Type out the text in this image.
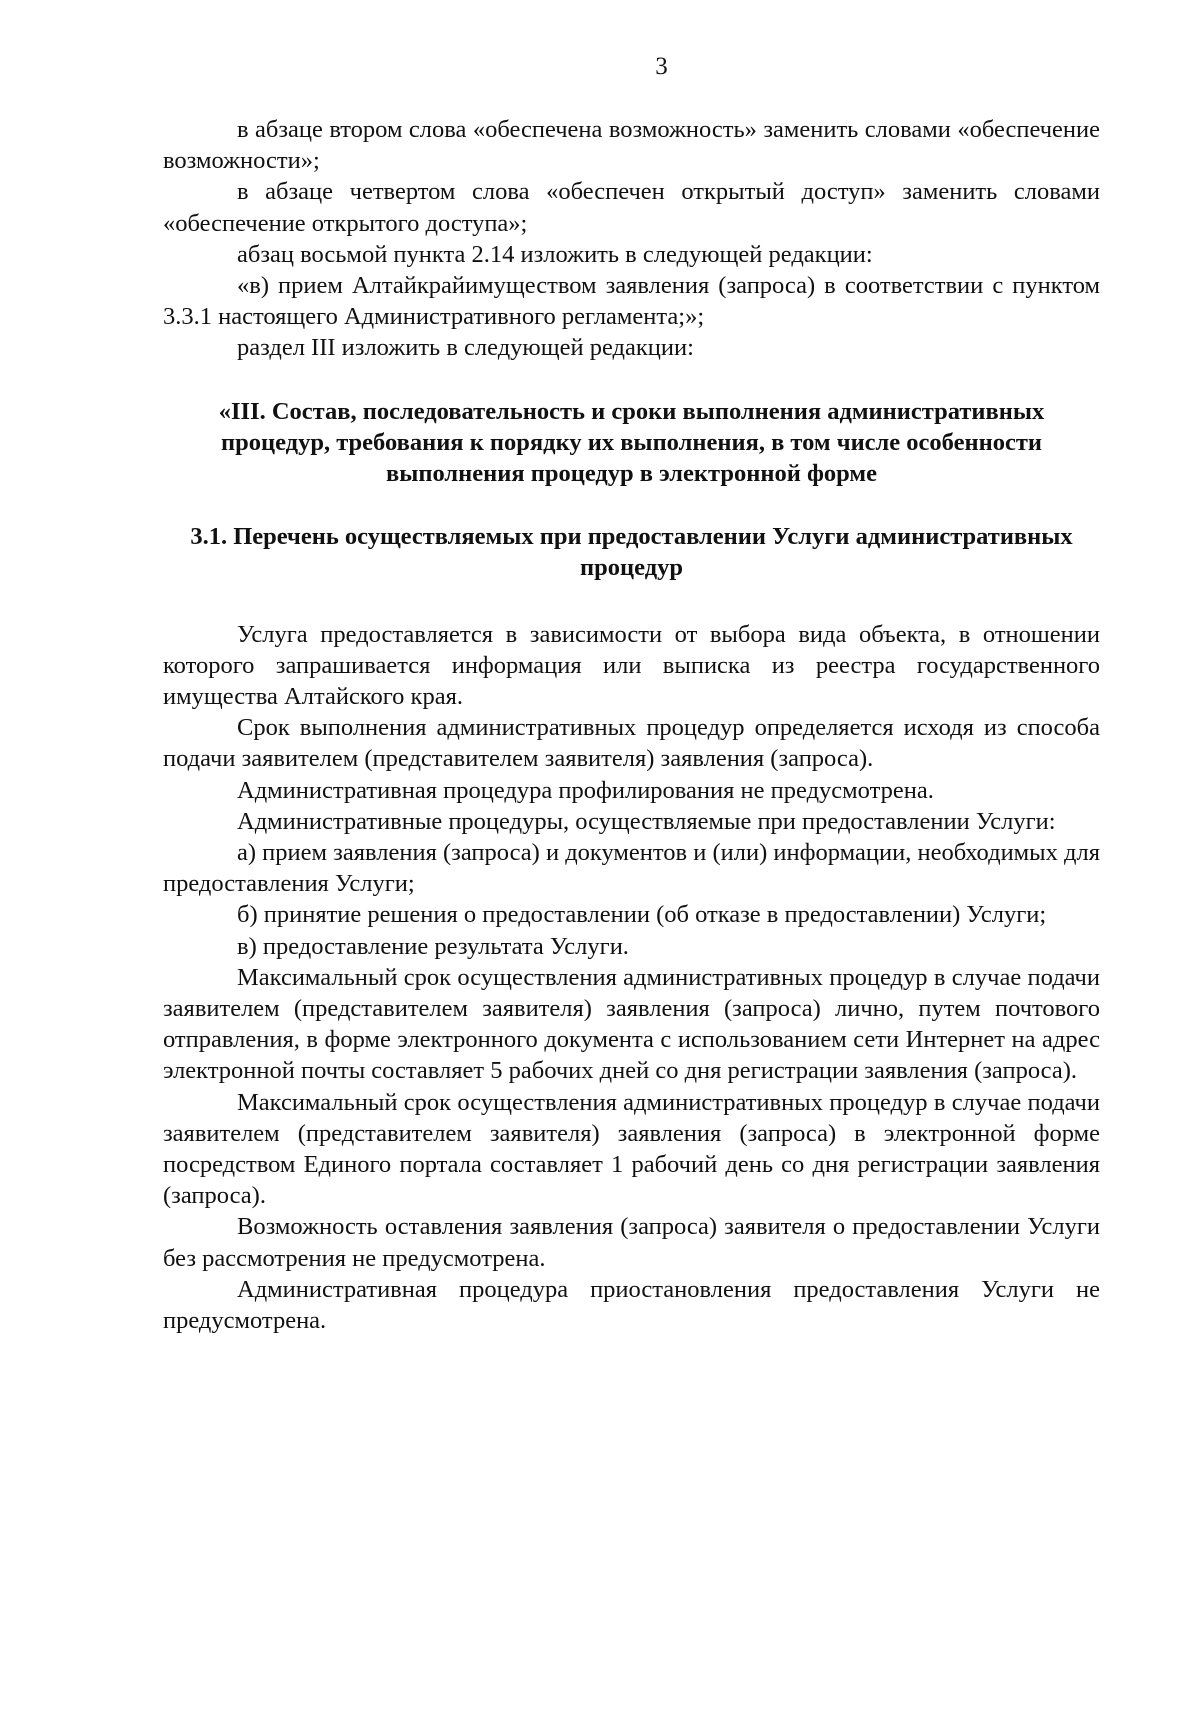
3

в абзаце втором слова «обеспечена возможность» заменить словами «обеспечение возможности»;

в абзаце четвертом слова «обеспечен открытый доступ» заменить словами «обеспечение открытого доступа»;

абзац восьмой пункта 2.14 изложить в следующей редакции:

«в) прием Алтайкрайимуществом заявления (запроса) в соответствии с пунктом 3.3.1 настоящего Административного регламента;»;

раздел III изложить в следующей редакции:

«III. Состав, последовательность и сроки выполнения административных процедур, требования к порядку их выполнения, в том числе особенности выполнения процедур в электронной форме

3.1. Перечень осуществляемых при предоставлении Услуги административных процедур

Услуга предоставляется в зависимости от выбора вида объекта, в отношении которого запрашивается информация или выписка из реестра государственного имущества Алтайского края.

Срок выполнения административных процедур определяется исходя из способа подачи заявителем (представителем заявителя) заявления (запроса).

Административная процедура профилирования не предусмотрена.

Административные процедуры, осуществляемые при предоставлении Услуги:

а) прием заявления (запроса) и документов и (или) информации, необходимых для предоставления Услуги;

б) принятие решения о предоставлении (об отказе в предоставлении) Услуги;

в) предоставление результата Услуги.

Максимальный срок осуществления административных процедур в случае подачи заявителем (представителем заявителя) заявления (запроса) лично, путем почтового отправления, в форме электронного документа с использованием сети Интернет на адрес электронной почты составляет 5 рабочих дней со дня регистрации заявления (запроса).

Максимальный срок осуществления административных процедур в случае подачи заявителем (представителем заявителя) заявления (запроса) в электронной форме посредством Единого портала составляет 1 рабочий день со дня регистрации заявления (запроса).

Возможность оставления заявления (запроса) заявителя о предоставлении Услуги без рассмотрения не предусмотрена.

Административная процедура приостановления предоставления Услуги не предусмотрена.
